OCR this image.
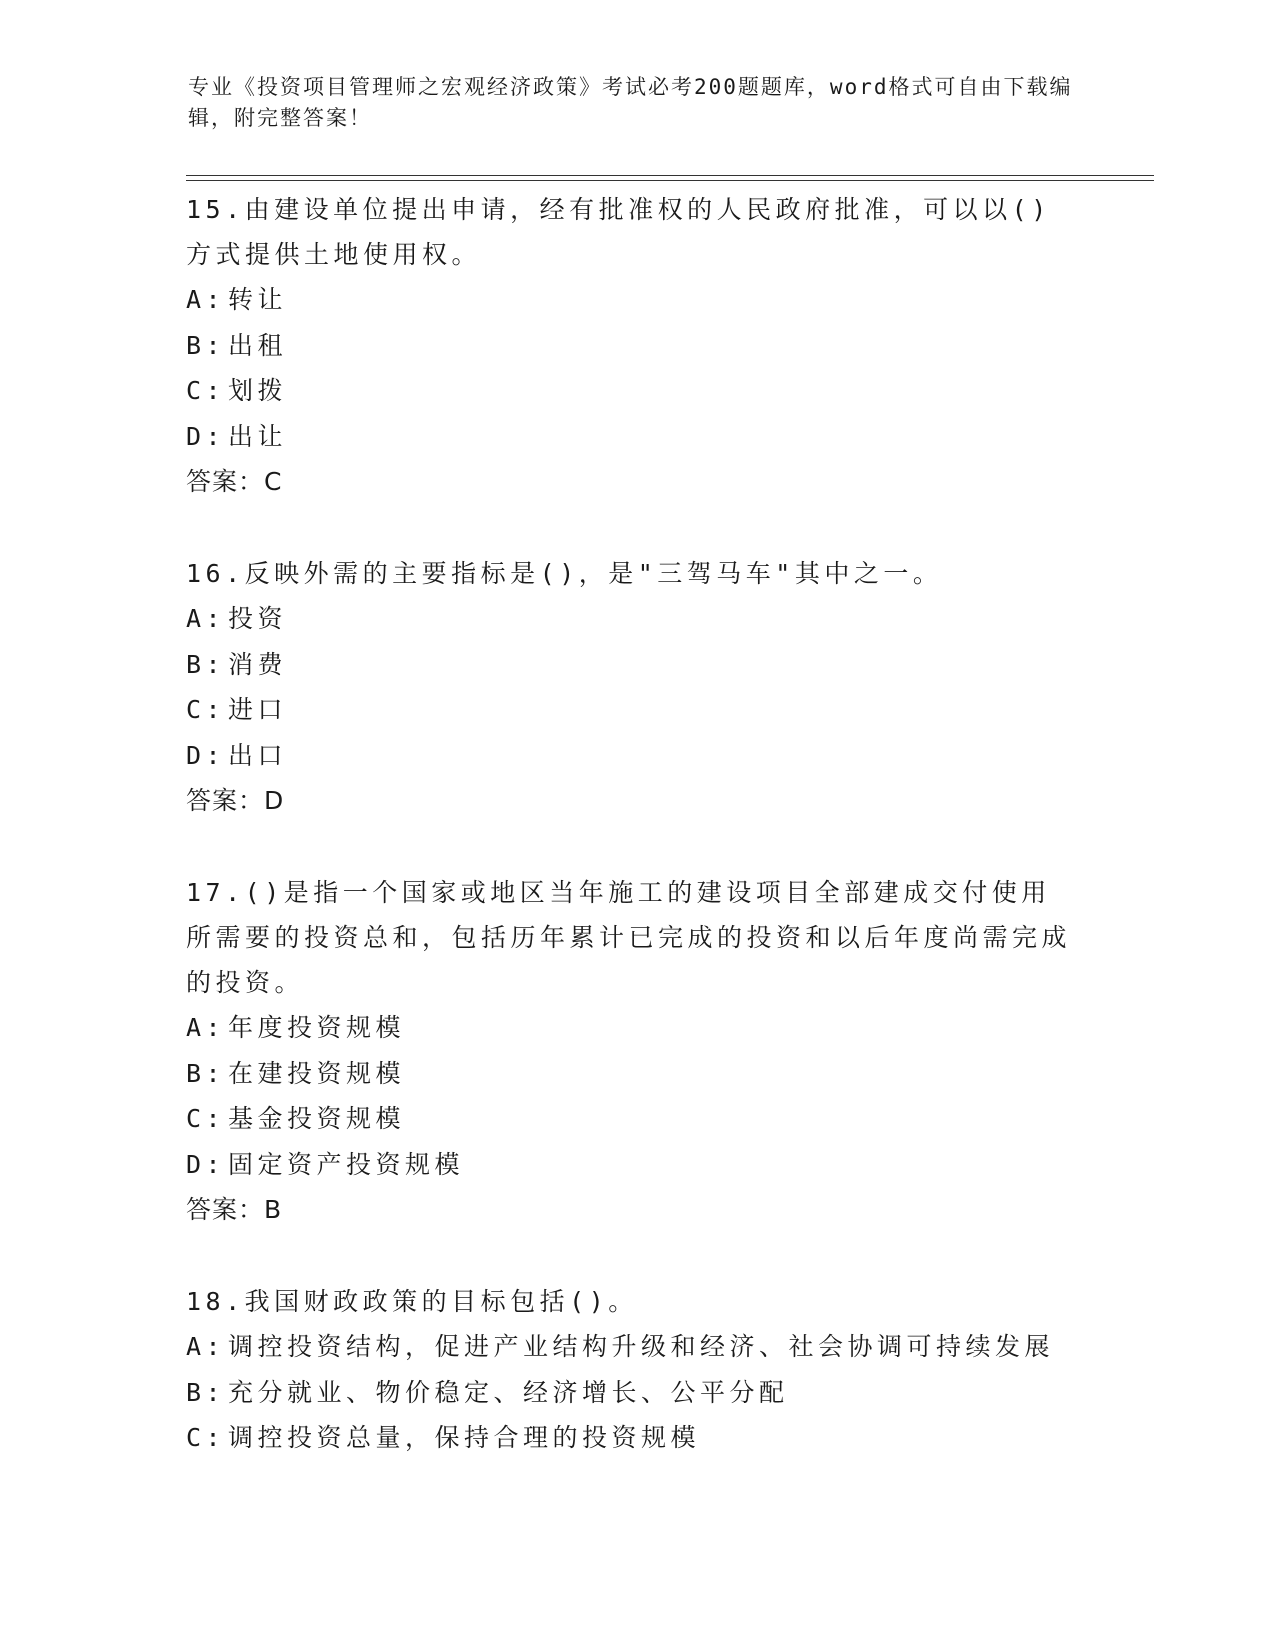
专业《投资项目管理师之宏观经济政策》考试必考200题题库，word格式可自由下载编辑，附完整答案！
15.由建设单位提出申请，经有批准权的人民政府批准，可以以()方式提供土地使用权。
A: 转让
B: 出租
C: 划拨
D: 出让
答案：C
16.反映外需的主要指标是()，是"三驾马车"其中之一。
A: 投资
B: 消费
C: 进口
D: 出口
答案：D
17.()是指一个国家或地区当年施工的建设项目全部建成交付使用所需要的投资总和，包括历年累计已完成的投资和以后年度尚需完成的投资。
A: 年度投资规模
B: 在建投资规模
C: 基金投资规模
D: 固定资产投资规模
答案：B
18.我国财政政策的目标包括()。
A: 调控投资结构，促进产业结构升级和经济、社会协调可持续发展
B: 充分就业、物价稳定、经济增长、公平分配
C: 调控投资总量，保持合理的投资规模
